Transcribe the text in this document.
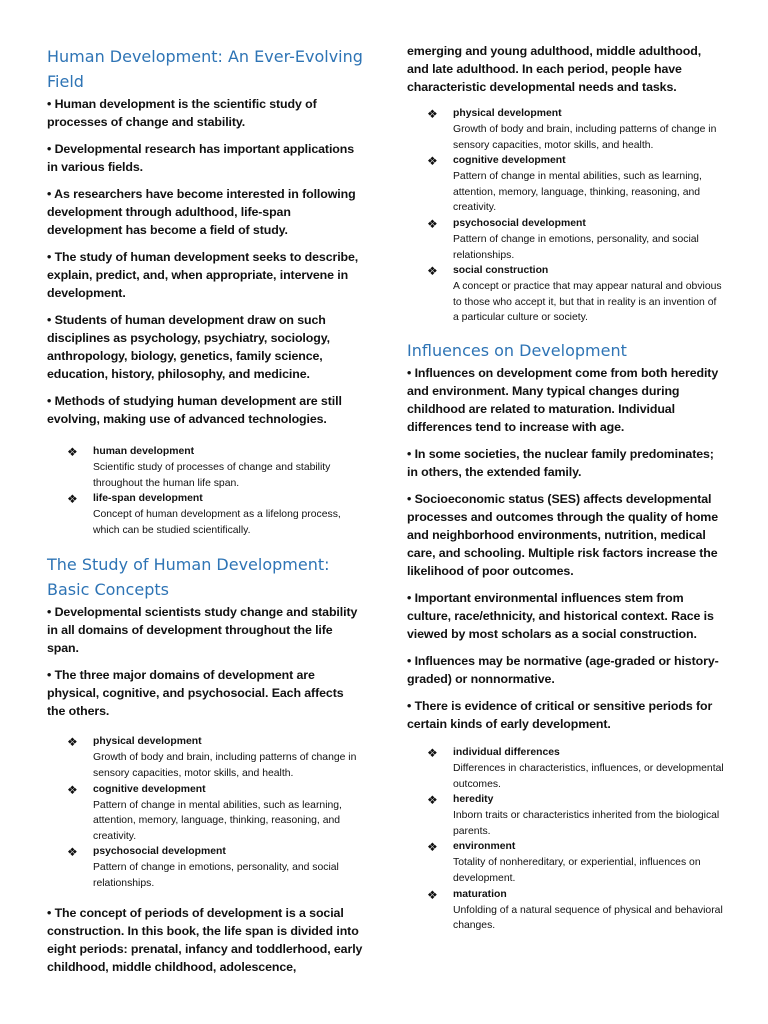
Human Development: An Ever-Evolving Field

• Human development is the scientific study of processes of change and stability.

• Developmental research has important applications in various fields.

• As researchers have become interested in following development through adulthood, life-span development has become a field of study.

• The study of human development seeks to describe, explain, predict, and, when appropriate, intervene in development.

• Students of human development draw on such disciplines as psychology, psychiatry, sociology, anthropology, biology, genetics, family science, education, history, philosophy, and medicine.

• Methods of studying human development are still evolving, making use of advanced technologies.

❖ human development

Scientific study of processes of change and stability throughout the human life span.

❖ life-span development

Concept of human development as a lifelong process, which can be studied scientifically.

The Study of Human Development: Basic Concepts

• Developmental scientists study change and stability in all domains of development throughout the life span.

• The three major domains of development are physical, cognitive, and psychosocial. Each affects the others.

❖ physical development

Growth of body and brain, including patterns of change in sensory capacities, motor skills, and health.

❖ cognitive development

Pattern of change in mental abilities, such as learning, attention, memory, language, thinking, reasoning, and creativity.

❖ psychosocial development

Pattern of change in emotions, personality, and social relationships.

• The concept of periods of development is a social construction. In this book, the life span is divided into eight periods: prenatal, infancy and toddlerhood, early childhood, middle childhood, adolescence,

emerging and young adulthood, middle adulthood, and late adulthood. In each period, people have characteristic developmental needs and tasks.

❖ physical development

Growth of body and brain, including patterns of change in sensory capacities, motor skills, and health.

❖ cognitive development

Pattern of change in mental abilities, such as learning, attention, memory, language, thinking, reasoning, and creativity.

❖ psychosocial development

Pattern of change in emotions, personality, and social relationships.

❖ social construction

A concept or practice that may appear natural and obvious to those who accept it, but that in reality is an invention of a particular culture or society.

Influences on Development

• Influences on development come from both heredity and environment. Many typical changes during childhood are related to maturation. Individual differences tend to increase with age.

• In some societies, the nuclear family predominates; in others, the extended family.

• Socioeconomic status (SES) affects developmental processes and outcomes through the quality of home and neighborhood environments, nutrition, medical care, and schooling. Multiple risk factors increase the likelihood of poor outcomes.

• Important environmental influences stem from culture, race/ethnicity, and historical context. Race is viewed by most scholars as a social construction.

• Influences may be normative (age-graded or history-graded) or nonnormative.

• There is evidence of critical or sensitive periods for certain kinds of early development.

❖ individual differences

Differences in characteristics, influences, or developmental outcomes.

❖ heredity

Inborn traits or characteristics inherited from the biological parents.

❖ environment

Totality of nonhereditary, or experiential, influences on development.

❖ maturation

Unfolding of a natural sequence of physical and behavioral changes.
